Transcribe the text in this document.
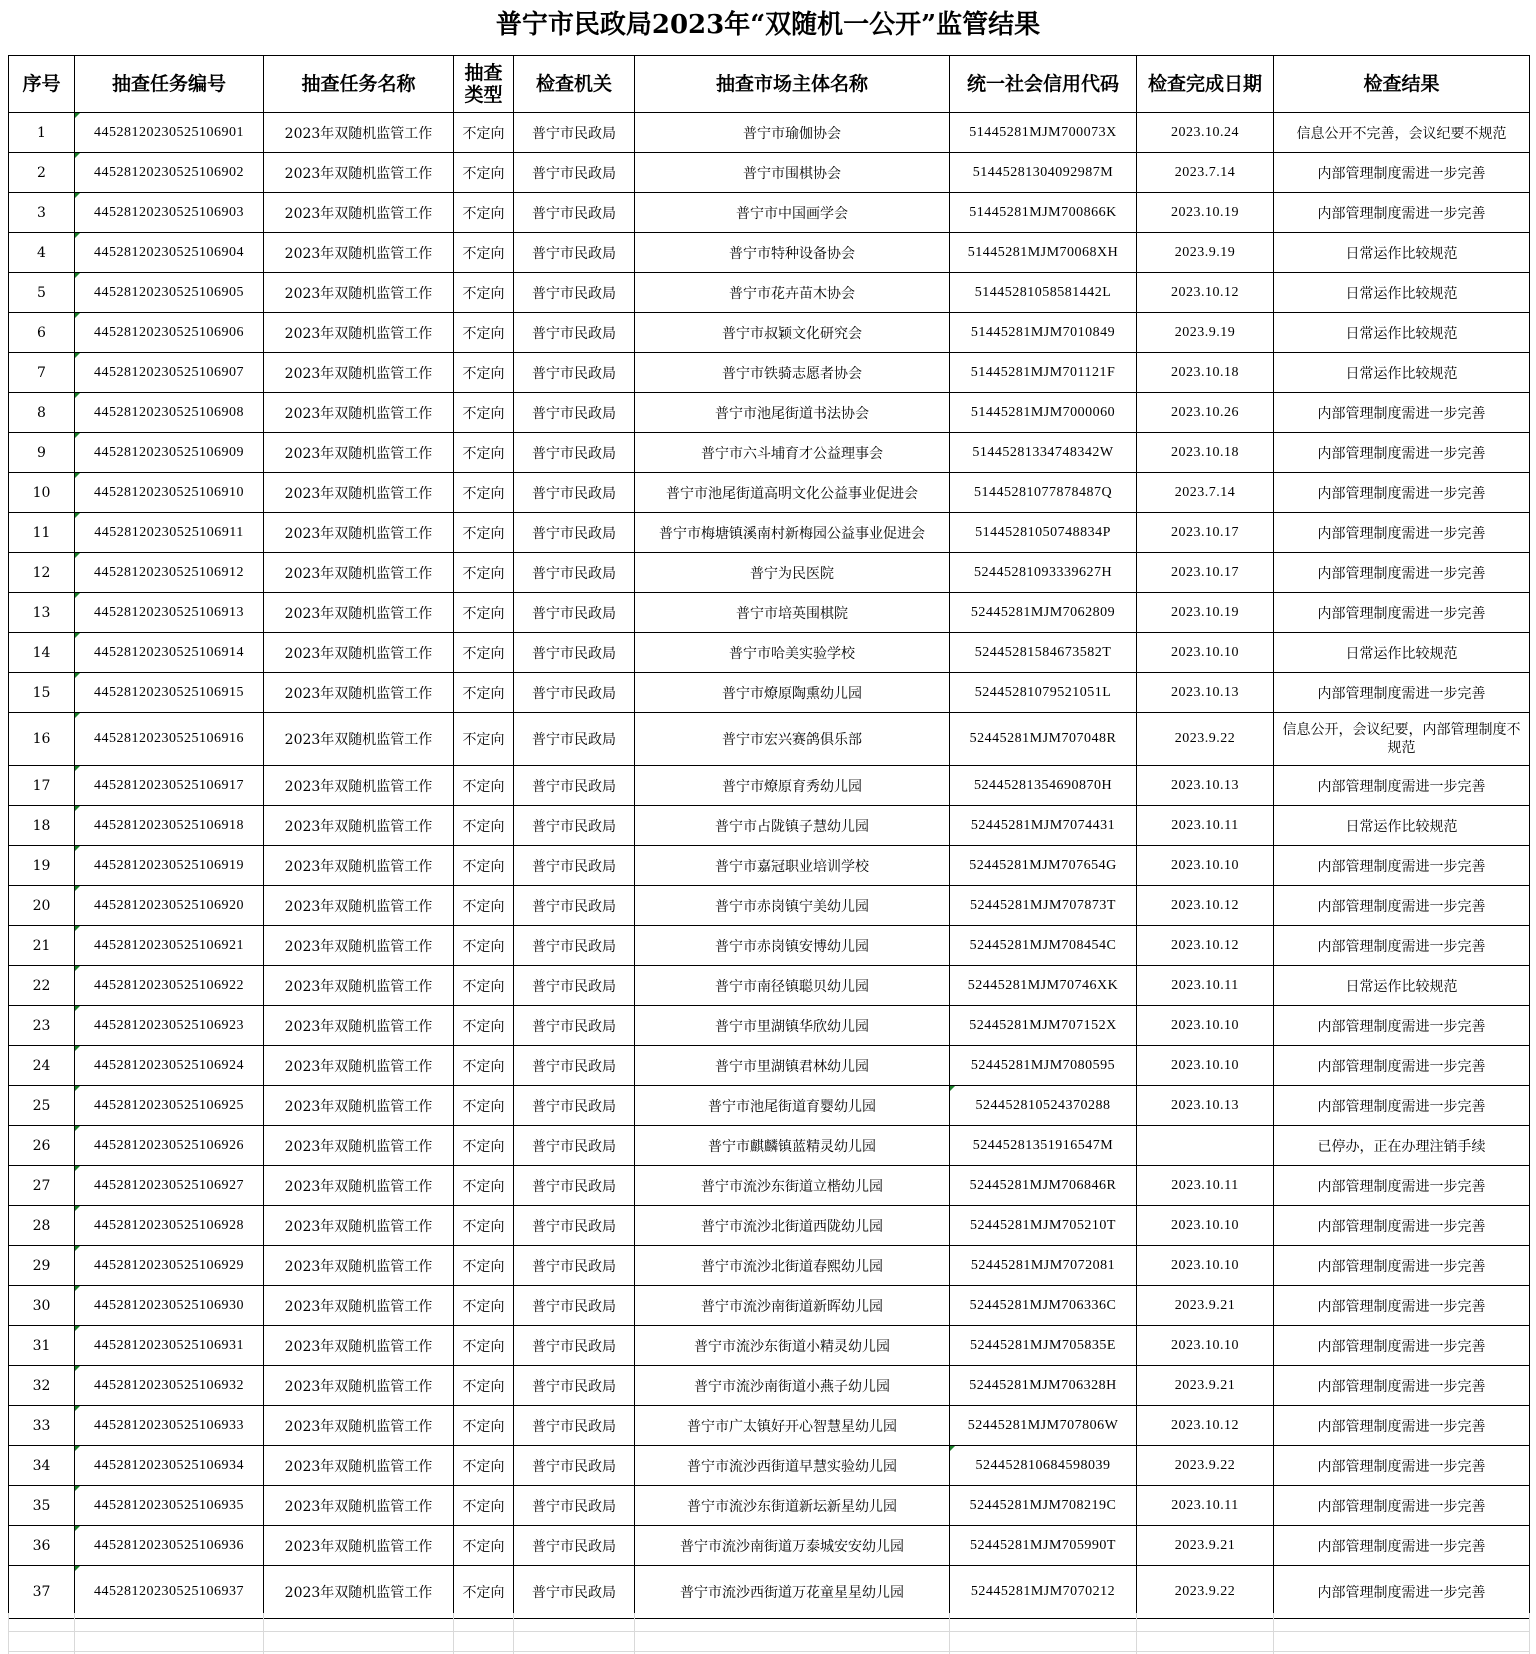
普宁市民政局2023年“双随机一公开”监管结果
序号	抽查任务编号	抽查任务名称	抽查类型	检查机关	抽查市场主体名称	统一社会信用代码	检查完成日期	检查结果
1	44528120230525106901	2023年双随机监管工作	不定向	普宁市民政局	普宁市瑜伽协会	51445281MJM700073X	2023.10.24	信息公开不完善，会议纪要不规范
2	44528120230525106902	2023年双随机监管工作	不定向	普宁市民政局	普宁市围棋协会	51445281304092987M	2023.7.14	内部管理制度需进一步完善
3	44528120230525106903	2023年双随机监管工作	不定向	普宁市民政局	普宁市中国画学会	51445281MJM700866K	2023.10.19	内部管理制度需进一步完善
4	44528120230525106904	2023年双随机监管工作	不定向	普宁市民政局	普宁市特种设备协会	51445281MJM70068XH	2023.9.19	日常运作比较规范
5	44528120230525106905	2023年双随机监管工作	不定向	普宁市民政局	普宁市花卉苗木协会	51445281058581442L	2023.10.12	日常运作比较规范
6	44528120230525106906	2023年双随机监管工作	不定向	普宁市民政局	普宁市叔颖文化研究会	51445281MJM7010849	2023.9.19	日常运作比较规范
7	44528120230525106907	2023年双随机监管工作	不定向	普宁市民政局	普宁市铁骑志愿者协会	51445281MJM701121F	2023.10.18	日常运作比较规范
8	44528120230525106908	2023年双随机监管工作	不定向	普宁市民政局	普宁市池尾街道书法协会	51445281MJM7000060	2023.10.26	内部管理制度需进一步完善
9	44528120230525106909	2023年双随机监管工作	不定向	普宁市民政局	普宁市六斗埔育才公益理事会	51445281334748342W	2023.10.18	内部管理制度需进一步完善
10	44528120230525106910	2023年双随机监管工作	不定向	普宁市民政局	普宁市池尾街道高明文化公益事业促进会	51445281077878487Q	2023.7.14	内部管理制度需进一步完善
11	44528120230525106911	2023年双随机监管工作	不定向	普宁市民政局	普宁市梅塘镇溪南村新梅园公益事业促进会	51445281050748834P	2023.10.17	内部管理制度需进一步完善
12	44528120230525106912	2023年双随机监管工作	不定向	普宁市民政局	普宁为民医院	52445281093339627H	2023.10.17	内部管理制度需进一步完善
13	44528120230525106913	2023年双随机监管工作	不定向	普宁市民政局	普宁市培英围棋院	52445281MJM7062809	2023.10.19	内部管理制度需进一步完善
14	44528120230525106914	2023年双随机监管工作	不定向	普宁市民政局	普宁市哈美实验学校	52445281584673582T	2023.10.10	日常运作比较规范
15	44528120230525106915	2023年双随机监管工作	不定向	普宁市民政局	普宁市燎原陶熏幼儿园	52445281079521051L	2023.10.13	内部管理制度需进一步完善
16	44528120230525106916	2023年双随机监管工作	不定向	普宁市民政局	普宁市宏兴赛鸽俱乐部	52445281MJM707048R	2023.9.22	信息公开，会议纪要，内部管理制度不规范
17	44528120230525106917	2023年双随机监管工作	不定向	普宁市民政局	普宁市燎原育秀幼儿园	52445281354690870H	2023.10.13	内部管理制度需进一步完善
18	44528120230525106918	2023年双随机监管工作	不定向	普宁市民政局	普宁市占陇镇子慧幼儿园	52445281MJM7074431	2023.10.11	日常运作比较规范
19	44528120230525106919	2023年双随机监管工作	不定向	普宁市民政局	普宁市嘉冠职业培训学校	52445281MJM707654G	2023.10.10	内部管理制度需进一步完善
20	44528120230525106920	2023年双随机监管工作	不定向	普宁市民政局	普宁市赤岗镇宁美幼儿园	52445281MJM707873T	2023.10.12	内部管理制度需进一步完善
21	44528120230525106921	2023年双随机监管工作	不定向	普宁市民政局	普宁市赤岗镇安博幼儿园	52445281MJM708454C	2023.10.12	内部管理制度需进一步完善
22	44528120230525106922	2023年双随机监管工作	不定向	普宁市民政局	普宁市南径镇聪贝幼儿园	52445281MJM70746XK	2023.10.11	日常运作比较规范
23	44528120230525106923	2023年双随机监管工作	不定向	普宁市民政局	普宁市里湖镇华欣幼儿园	52445281MJM707152X	2023.10.10	内部管理制度需进一步完善
24	44528120230525106924	2023年双随机监管工作	不定向	普宁市民政局	普宁市里湖镇君林幼儿园	52445281MJM7080595	2023.10.10	内部管理制度需进一步完善
25	44528120230525106925	2023年双随机监管工作	不定向	普宁市民政局	普宁市池尾街道育婴幼儿园	524452810524370288	2023.10.13	内部管理制度需进一步完善
26	44528120230525106926	2023年双随机监管工作	不定向	普宁市民政局	普宁市麒麟镇蓝精灵幼儿园	52445281351916547M		已停办，正在办理注销手续
27	44528120230525106927	2023年双随机监管工作	不定向	普宁市民政局	普宁市流沙东街道立楷幼儿园	52445281MJM706846R	2023.10.11	内部管理制度需进一步完善
28	44528120230525106928	2023年双随机监管工作	不定向	普宁市民政局	普宁市流沙北街道西陇幼儿园	52445281MJM705210T	2023.10.10	内部管理制度需进一步完善
29	44528120230525106929	2023年双随机监管工作	不定向	普宁市民政局	普宁市流沙北街道春熙幼儿园	52445281MJM7072081	2023.10.10	内部管理制度需进一步完善
30	44528120230525106930	2023年双随机监管工作	不定向	普宁市民政局	普宁市流沙南街道新晖幼儿园	52445281MJM706336C	2023.9.21	内部管理制度需进一步完善
31	44528120230525106931	2023年双随机监管工作	不定向	普宁市民政局	普宁市流沙东街道小精灵幼儿园	52445281MJM705835E	2023.10.10	内部管理制度需进一步完善
32	44528120230525106932	2023年双随机监管工作	不定向	普宁市民政局	普宁市流沙南街道小燕子幼儿园	52445281MJM706328H	2023.9.21	内部管理制度需进一步完善
33	44528120230525106933	2023年双随机监管工作	不定向	普宁市民政局	普宁市广太镇好开心智慧星幼儿园	52445281MJM707806W	2023.10.12	内部管理制度需进一步完善
34	44528120230525106934	2023年双随机监管工作	不定向	普宁市民政局	普宁市流沙西街道早慧实验幼儿园	524452810684598039	2023.9.22	内部管理制度需进一步完善
35	44528120230525106935	2023年双随机监管工作	不定向	普宁市民政局	普宁市流沙东街道新坛新星幼儿园	52445281MJM708219C	2023.10.11	内部管理制度需进一步完善
36	44528120230525106936	2023年双随机监管工作	不定向	普宁市民政局	普宁市流沙南街道万泰城安安幼儿园	52445281MJM705990T	2023.9.21	内部管理制度需进一步完善
37	44528120230525106937	2023年双随机监管工作	不定向	普宁市民政局	普宁市流沙西街道万花童星星幼儿园	52445281MJM7070212	2023.9.22	内部管理制度需进一步完善
